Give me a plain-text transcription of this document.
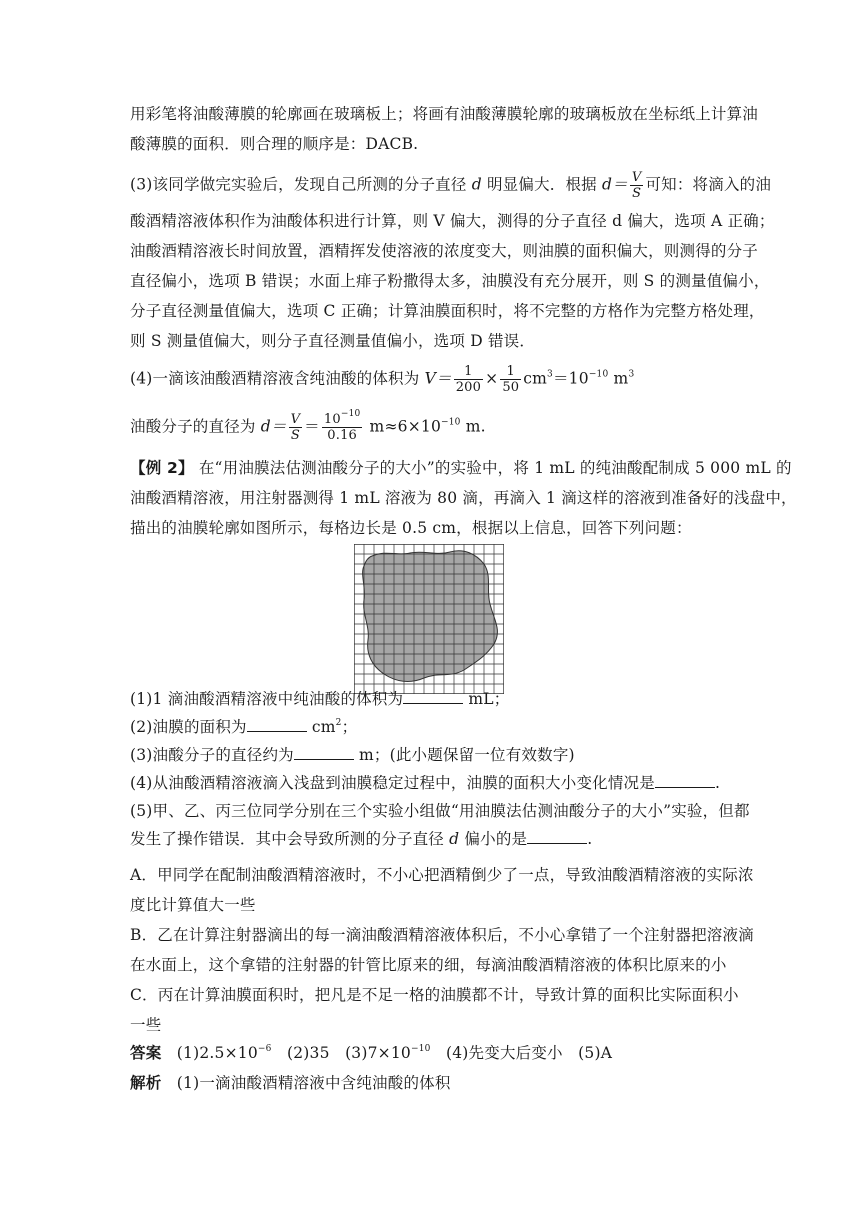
用彩笔将油酸薄膜的轮廓画在玻璃板上；将画有油酸薄膜轮廓的玻璃板放在坐标纸上计算油
酸薄膜的面积．则合理的顺序是：DACB.
(3)该同学做完实验后，发现自己所测的分子直径 d 明显偏大．根据 $d= \frac{V}{S}$ 可知：将滴入的油
酸酒精溶液体积作为油酸体积进行计算，则 V 偏大，测得的分子直径 d 偏大，选项 A 正确；
油酸酒精溶液长时间放置，酒精挥发使溶液的浓度变大，则油膜的面积偏大，则测得的分子
直径偏小，选项 B 错误；水面上痱子粉撒得太多，油膜没有充分展开，则 S 的测量值偏小，
分子直径测量值偏大，选项 C 正确；计算油膜面积时，将不完整的方格作为完整方格处理，
则 S 测量值偏大，则分子直径测量值偏小，选项 D 错误．
(4)一滴该油酸酒精溶液含纯油酸的体积为 $V= \frac{1}{200} \times \frac{1}{50} cm^3=10^{-10}$ $m^3$
油酸分子的直径为 $d= \frac{V}{S} = \frac{10^{-10}}{0.16} m\approx 6\times 10^{-10}$ m.
【例 2】 在“用油膜法估测油酸分子的大小”的实验中，将 1 mL 的纯油酸配制成 5 000 mL 的
油酸酒精溶液，用注射器测得 1 mL 溶液为 80 滴，再滴入 1 滴这样的溶液到准备好的浅盘中，
描出的油膜轮廓如图所示，每格边长是 0.5 cm，根据以上信息，回答下列问题：
(1)1 滴油酸酒精溶液中纯油酸的体积为	mL；
(2)油膜的面积为	$cm^2$；
(3)油酸分子的直径约为	m；(此小题保留一位有效数字)
(4)从油酸酒精溶液滴入浅盘到油膜稳定过程中，油膜的面积大小变化情况是	.
(5)甲、乙、丙三位同学分别在三个实验小组做“用油膜法估测油酸分子的大小”实验，但都
发生了操作错误．其中会导致所测的分子直径 d 偏小的是	.
A．甲同学在配制油酸酒精溶液时，不小心把酒精倒少了一点，导致油酸酒精溶液的实际浓
度比计算值大一些
B．乙在计算注射器滴出的每一滴油酸酒精溶液体积后，不小心拿错了一个注射器把溶液滴
在水面上，这个拿错的注射器的针管比原来的细，每滴油酸酒精溶液的体积比原来的小
C．丙在计算油膜面积时，把凡是不足一格的油膜都不计，导致计算的面积比实际面积小
一些
答案 $(1)2.5\times 10^{-6}$ (2)35 $(3)7\times 10^{-10}$ (4)先变大后变小 (5)A
解析 (1)一滴油酸酒精溶液中含纯油酸的体积
